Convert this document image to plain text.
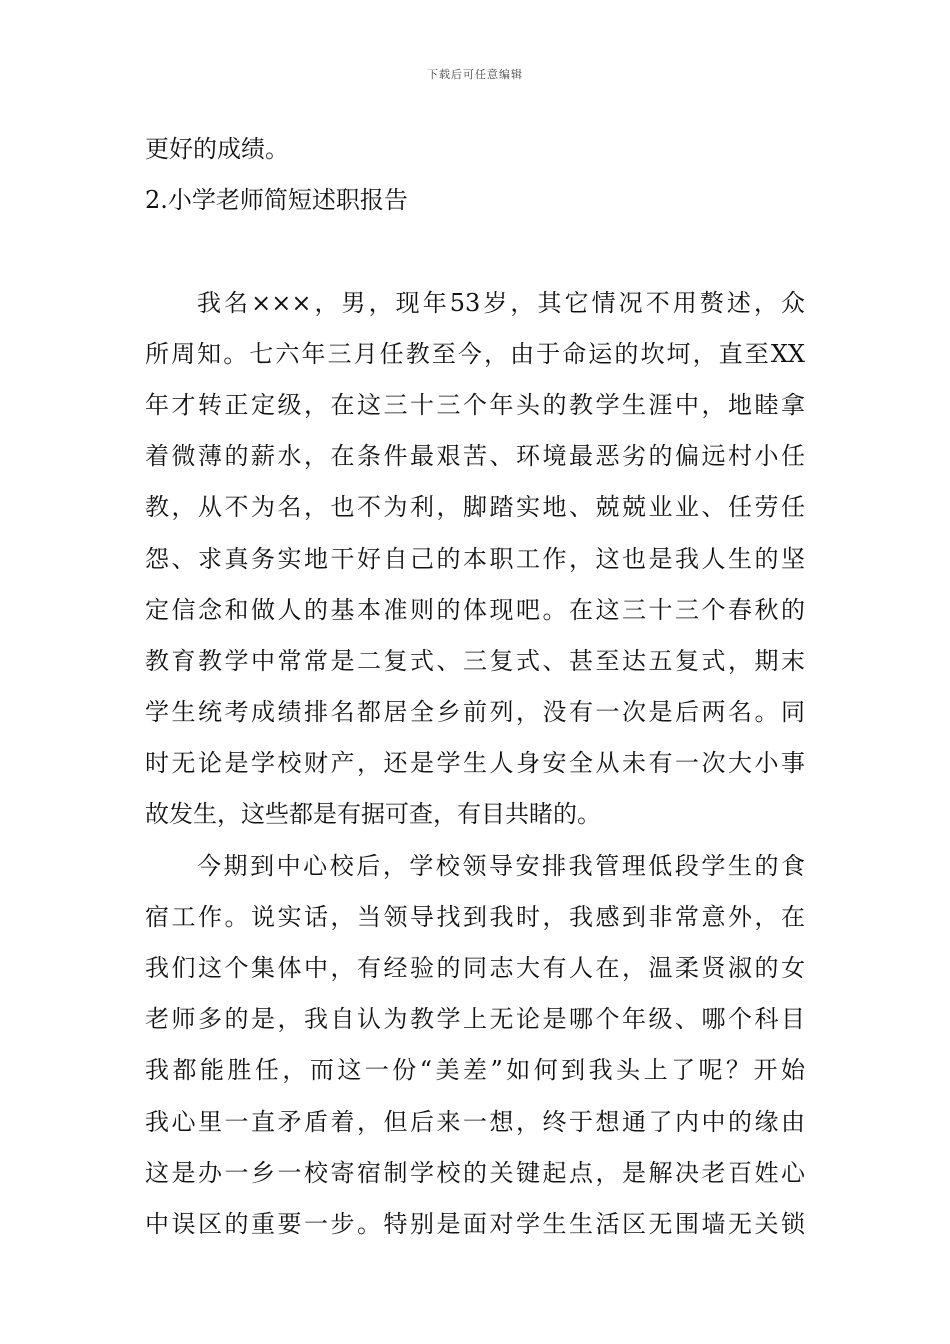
下载后可任意编辑
更好的成绩。
2.小学老师简短述职报告
我名×××，男，现年53岁，其它情况不用赘述，众
所周知。七六年三月任教至今，由于命运的坎坷，直至XX
年才转正定级，在这三十三个年头的教学生涯中，地睦拿
着微薄的薪水，在条件最艰苦、环境最恶劣的偏远村小任
教，从不为名，也不为利，脚踏实地、兢兢业业、任劳任
怨、求真务实地干好自己的本职工作，这也是我人生的坚
定信念和做人的基本准则的体现吧。在这三十三个春秋的
教育教学中常常是二复式、三复式、甚至达五复式，期末
学生统考成绩排名都居全乡前列，没有一次是后两名。同
时无论是学校财产，还是学生人身安全从未有一次大小事
故发生，这些都是有据可查，有目共睹的。
今期到中心校后，学校领导安排我管理低段学生的食
宿工作。说实话，当领导找到我时，我感到非常意外，在
我们这个集体中，有经验的同志大有人在，温柔贤淑的女
老师多的是，我自认为教学上无论是哪个年级、哪个科目
我都能胜任，而这一份“美差”如何到我头上了呢？开始
我心里一直矛盾着，但后来一想，终于想通了内中的缘由
这是办一乡一校寄宿制学校的关键起点，是解决老百姓心
中误区的重要一步。特别是面对学生生活区无围墙无关锁
